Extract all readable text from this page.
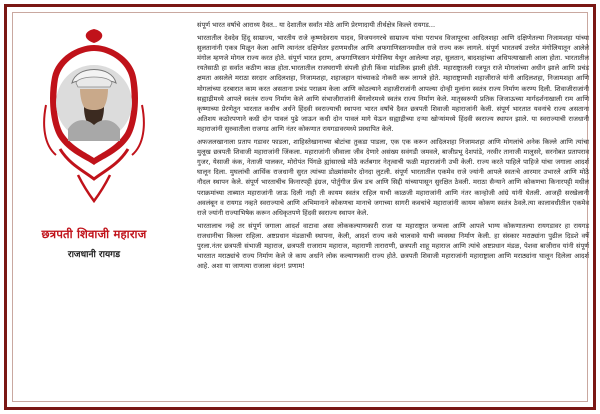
छत्रपती शिवाजी महाराज
राजधानी रायगड

संपूर्ण भारत वर्षाचे आराध्य दैवत.. या देशातील सर्वांत मोठे आणि प्रेरणादायी तीर्थक्षेत्र किल्ले रायगड...

भारतातील देवदेव हिंदू साम्राज्य, भारतीय राजे कृष्णदेवराय यादव, विजयनगरचे साम्राज्य यांचा पराभव विजापूरचा आदिलशहा आणि दक्षिणेतल्या निजामशहा यांच्या सुलतानांनी एकत्र मिळून केला आणि त्यानंतर दक्षिणेतर इराणमधील आणि अफगाणिस्तानमधील राजे राज्य करू लागले. संपूर्ण भारतवर्ष उत्तरेत मंगोलियातून आलेले मंगोल म्हणजे मोगल राज्य करत होते. संपूर्ण भारत इराण, अफगाणिस्तान मंगोलिया येथून आलेल्या शहा, सुलतान, बादशहांच्या अधिपत्याखाली आला होता. भारतातील रयतेसाठी हा सर्वात कठीण काळ होता.भारतातील राजघराणी संपली होती किंवा मांडलिक झाली होती. महाराष्ट्रातली रजपूत राजे मोगलांच्या अधीन झाले आणि प्रचंड क्षमता असलेले मराठा सरदार आदिलशहा, निजामशहा, शहाजहान यांच्याकडे नोकरी करू लागले होते. महाराष्ट्रामधी शहाजीराजे यांनी आदिलशहा, निजामशहा आणि मोगलांच्या दरबारात काम करत असताना प्रचंड पराक्रम केला आणि कोठल्याने शहाजीराजांनी आपल्या दोन्ही मुलांना स्वतंत्र राज्य निर्माण करण्य दिली. शिवाजीराजांनी सह्याद्रीमध्ये आपले स्वतंत्र राज्य निर्माण केले आणि संभाजीराजांनी बेंगलोरमध्ये स्वतंत्र राज्य निर्माण केले. मातृस्वरूपी प्रतिक जिजाऊच्या मार्गदर्शनाखाली राम आणि कृष्णाच्या प्रेरणेतून भारतात कधीच अर्धने हिंदवी स्वराज्याची स्थापना भारत वर्षांचे दैवत छत्रपती शिवाजी महाराजांनी केली. संपूर्ण भारतात यवनांचे राज्य असताना अतिशय कठोरपणाने कधी दोन पावलं पुढे जाऊन कधी दोन पावलं मागे येऊन सह्याद्रीच्या दऱ्या खोऱ्यांमध्ये हिंदवी स्वराज्य स्थापन झाले. या स्वराज्याची राजधानी महाराजांनी सुरुवातीला राजगड आणि नंतर कोकणात रायगडावरमध्ये प्रस्थापित केले.

अफजलखानाला प्रताप गडावर फाडला, शाहिस्तेखानाच्या बोटांचा तुकडा पाडला, एक एक करून आदिलशहा निजामशहा आणि मोगलांचे अनेक किल्ले आणि त्यांचा मुलूख छत्रपती शिवाजी महाराजांनी जिंकला. महाराजांनी जीवाला जीव देणारे असंख्य सवंगडी जमवले, बाजीप्रभू देशपांडे, नरवीर तानाजी मालुसरे, सरनोबत प्रतापराव गुजर, येसाजी कंक, नेताजी पालकर, मोरोपंत पिंगळे ह्यांसारखे मोठे कर्तबगार नेतृत्वाची फळी महाराजांनी उभी केली. राज्य करते पाहिले पाहिजे यांचा जगाला आदर्श घालून दिला. मुघलांची आर्थिक राजधानी सुरत त्यांच्या डोळ्यांसमोर दोनदा लुटली. संपूर्ण भारतातील एकमेव राजे ज्यांनी आपले स्वतःचे आरमार उभारले आणि मोठे नौदल स्थापन केले. संपूर्ण भारताचीच किनारपट्टी इंग्रज, पोर्तुगीज फ्रेंच डच आणि सिद्दी यांच्यापासून सुरक्षित ठेवली. मराठा सैन्याने आणि कोकणचा किनारपट्टी मधील पराक्रमांच्या ताब्यात महाराजांनी जाऊ दिली नाही ती कायम स्वतंत्र राहिल याची काळजी महाराजांनी आणि नंतर कान्होजी आंग्रे यांनी घेतली. आजही सरखेलानी अवलंबून व रायगड नव्हते स्वराज्याचे आणि अभिमानाने कोकणचा मानाचे जगाच्या सागरी कवचांचे महाराजांनी कायम कोकण स्वतंत्र ठेवले.त्या कालावधीतील एकमेव राजे ज्यांनी राज्याभिषेक करून अधिकृतपणे हिंदवी स्वराज्य स्थापन केले.

भारतालाच नव्हे तर संपूर्ण जगाला आदर्श वाटावा असा लोककल्याणकारी राजा या महाराष्ट्रात जन्मला आणि आपले भाग्य कोकणातल्या रायगडावर हा रायगड राजधानीचा किल्ला राहिला. अष्टप्रधान मंडळाची स्थापना, केली, आदर्श राज्य कसे चालवावे याची व्यवस्था निर्माण केली. हा संस्कार मराठ्यांना पुढील दिडशे वर्षे पुरला.नंतर छत्रपती संभाजी महाराज, छत्रपती राजाराम महाराज, महाराणी ताराराणी, छत्रपती शाहू महाराज आणि त्यांचे अष्टप्रधान मंडळ, पेशवा बाजीराव यांनी संपूर्ण भारतात मराठ्यांचे राज्य निर्माण केले जे काय अर्धाने लोक कल्याणकारी राज्य होते. छत्रपती शिवाजी महाराजांनी महाराष्ट्राला आणि मराठ्यांना घालून दिलेला आदर्श आहे. अशा या जाणत्या राजाला वंदन! प्रणाम!
